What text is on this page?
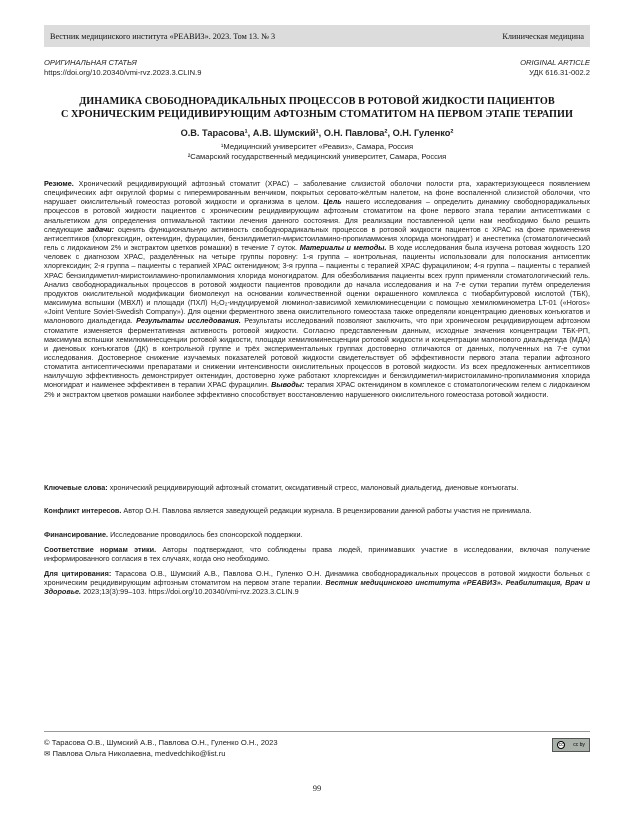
Вестник медицинского института «РЕАВИЗ». 2023. Том 13. № 3	Клиническая медицина
ОРИГИНАЛЬНАЯ СТАТЬЯ	ORIGINAL ARTICLE
https://doi.org/10.20340/vmi-rvz.2023.3.CLIN.9	УДК 616.31-002.2
ДИНАМИКА СВОБОДНОРАДИКАЛЬНЫХ ПРОЦЕССОВ В РОТОВОЙ ЖИДКОСТИ ПАЦИЕНТОВ
С ХРОНИЧЕСКИМ РЕЦИДИВИРУЮЩИМ АФТОЗНЫМ СТОМАТИТОМ НА ПЕРВОМ ЭТАПЕ ТЕРАПИИ
О.В. Тарасова¹, А.В. Шумский¹, О.Н. Павлова², О.Н. Гуленко²
¹Медицинский университет «Реавиз», Самара, Россия
²Самарский государственный медицинский университет, Самара, Россия
Резюме. Хронический рецидивирующий афтозный стоматит (ХРАС) – заболевание слизистой оболочки полости рта, характеризующееся появлением специфических афт округлой формы с гиперемированным венчиком, покрытых серовато-жёлтым налетом, на фоне воспаленной слизистой оболочки, что нарушает окислительный гомеостаз ротовой жидкости и организма в целом. Цель нашего исследования – определить динамику свободнорадикальных процессов в ротовой жидкости пациентов с хроническим рецидивирующим афтозным стоматитом на фоне первого этапа терапии антисептиками с анальгетиком для определения оптимальной тактики лечения данного состояния. Для реализации поставленной цели нам необходимо было решить следующие задачи: оценить функциональную активность свободнорадикальных процессов в ротовой жидкости пациентов с ХРАС на фоне применения антисептиков (хлоргексидин, октенидин, фурацилин, бензилдиметил-миристоиламино-пропиламмония хлорида моногидрат) и анестетика (стоматологический гель с лидокаином 2% и экстрактом цветков ромашки) в течение 7 суток. Материалы и методы. В ходе исследования была изучена ротовая жидкость 120 человек с диагнозом ХРАС, разделённых на четыре группы поровну: 1-я группа – контрольная, пациенты использовали для полоскания антисептик хлоргексидин; 2-я группа – пациенты с терапией ХРАС октенидином; 3-я группа – пациенты с терапией ХРАС фурацилином; 4-я группа – пациенты с терапией ХРАС бензилдиметил-миристоиламино-пропиламмония хлорида моногидратом. Для обезболивания пациенты всех групп применяли стоматологический гель. Анализ свободнорадикальных процессов в ротовой жидкости пациентов проводили до начала исследования и на 7-е сутки терапии путём определения продуктов окислительной модификации биомолекул на основании количественной оценки окрашенного комплекса с тиобарбитуровой кислотой (ТБК), максимума вспышки (МВХЛ) и площади (ПХЛ) H₂O₂-индуцируемой люминол-зависимой хемилюминесценции с помощью хемилюминометра LT-01 («Horos» «Joint Venture Soviet-Swedish Company»). Для оценки ферментного звена окислительного гомеостаза также определяли концентрацию диеновых конъюгатов и малонового диальдегида. Результаты исследования. Результаты исследований позволяют заключить, что при хроническом рецидивирующем афтозном стоматите изменяется ферментативная активность ротовой жидкости. Согласно представленным данным, исходные значения концентрации ТБК-РП, максимума вспышки хемилюминесценции ротовой жидкости, площади хемилюминесценции ротовой жидкости и концентрации малонового диальдегида (МДА) и диеновых конъюгатов (ДК) в контрольной группе и трёх экспериментальных группах достоверно отличаются от данных, полученных на 7-е сутки исследования. Достоверное снижение изучаемых показателей ротовой жидкости свидетельствует об эффективности первого этапа терапии афтозного стоматита антисептическими препаратами и снижении интенсивности окислительных процессов в ротовой жидкости. Из всех предложенных антисептиков наилучшую эффективность демонстрирует октенидин, достоверно хуже работают хлоргексидин и бензилдиметил-миристоиламино-пропиламмония хлорида моногидрат и наименее эффективен в терапии ХРАС фурацилин. Выводы: терапия ХРАС октенидином в комплексе с стоматологическим гелем с лидокаином 2% и экстрактом цветков ромашки наиболее эффективно способствует восстановлению нарушенного окислительного гомеостаза ротовой жидкости.
Ключевые слова: хронический рецидивирующий афтозный стоматит, оксидативный стресс, малоновый диальдегид, диеновые конъюгаты.
Конфликт интересов. Автор О.Н. Павлова является заведующей редакции журнала. В рецензировании данной работы участия не принимала.
Финансирование. Исследование проводилось без спонсорской поддержки.
Соответствие нормам этики. Авторы подтверждают, что соблюдены права людей, принимавших участие в исследовании, включая получение информированного согласия в тех случаях, когда оно необходимо.
Для цитирования: Тарасова О.В., Шумский А.В., Павлова О.Н., Гуленко О.Н. Динамика свободнорадикальных процессов в ротовой жидкости больных с хроническим рецидивирующим афтозным стоматитом на первом этапе терапии. Вестник медицинского института «РЕАВИЗ». Реабилитация, Врач и Здоровье. 2023;13(3):99–103. https://doi.org/10.20340/vmi-rvz.2023.3.CLIN.9
© Тарасова О.В., Шумский А.В., Павлова О.Н., Гуленко О.Н., 2023
✉ Павлова Ольга Николаевна, medvedchiko@list.ru
cc	cc by
99
